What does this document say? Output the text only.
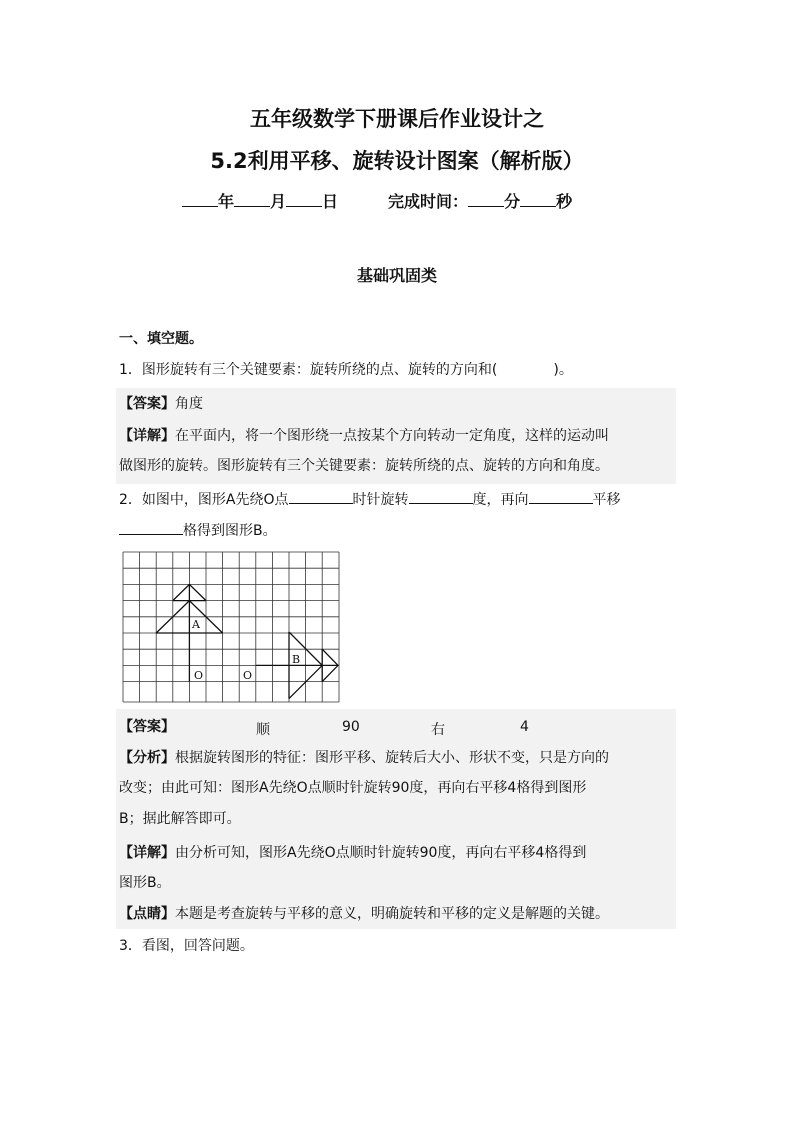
五年级数学下册课后作业设计之
5.2利用平移、旋转设计图案（解析版）
年 月 日	完成时间： 分 秒
基础巩固类
一、填空题。
1．图形旋转有三个关键要素：旋转所绕的点、旋转的方向和(　　　　)。
【答案】角度
【详解】在平面内，将一个图形绕一点按某个方向转动一定角度，这样的运动叫
做图形的旋转。图形旋转有三个关键要素：旋转所绕的点、旋转的方向和角度。
2．如图中，图形A先绕O点	时针旋转	度，再向	平移
格得到图形B。
A
B
O	O
【答案】	顺	90	右	4
【分析】根据旋转图形的特征：图形平移、旋转后大小、形状不变，只是方向的
改变；由此可知：图形A先绕O点顺时针旋转90度，再向右平移4格得到图形
B；据此解答即可。
【详解】由分析可知，图形A先绕O点顺时针旋转90度，再向右平移4格得到
图形B。
【点睛】本题是考查旋转与平移的意义，明确旋转和平移的定义是解题的关键。
3．看图，回答问题。
